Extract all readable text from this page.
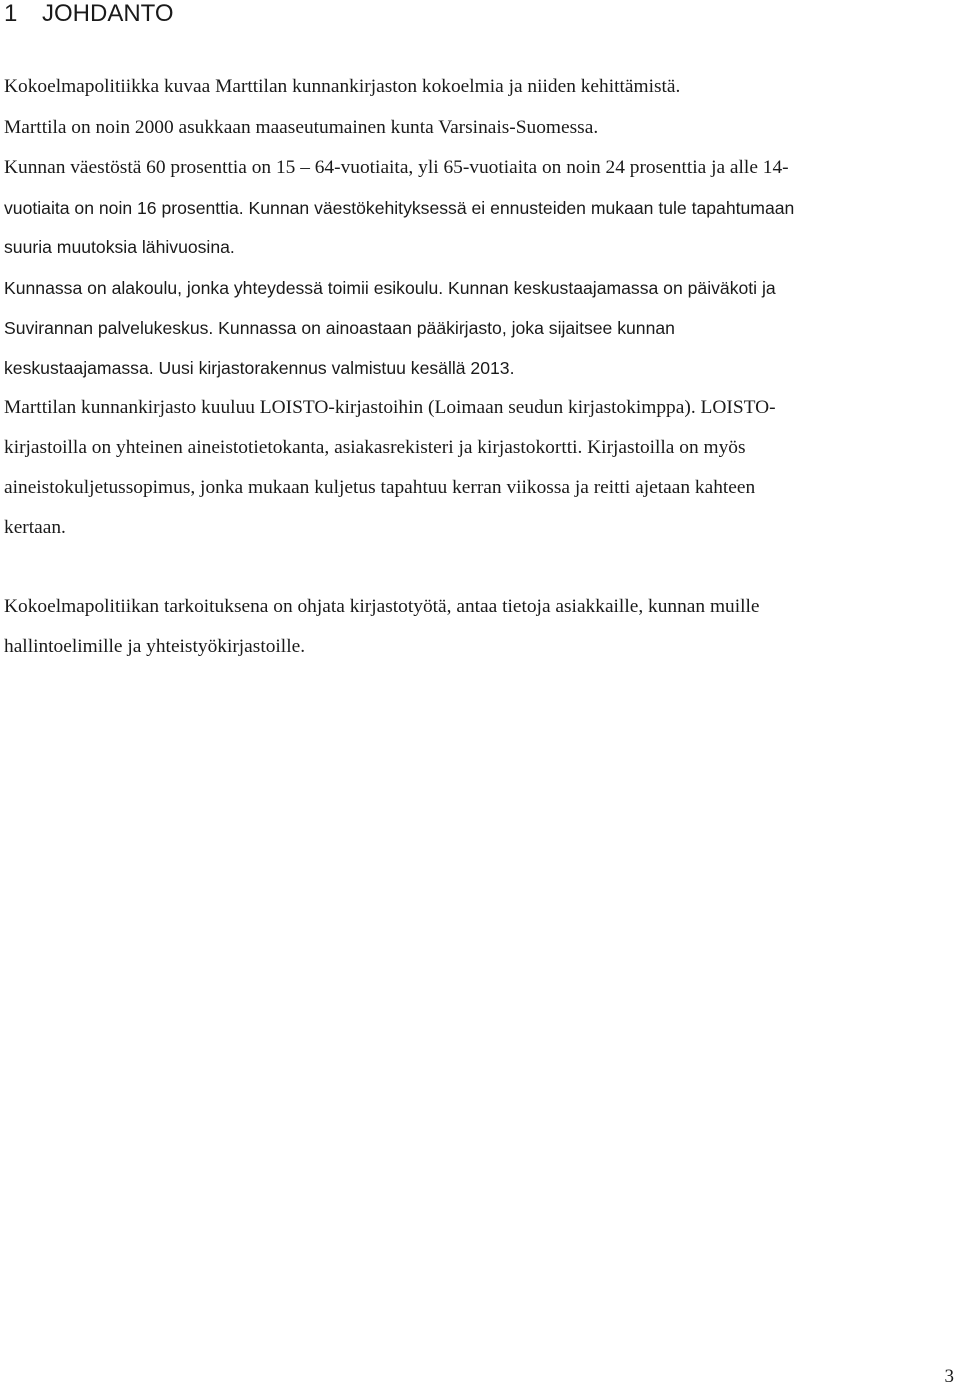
1 JOHDANTO

Kokoelmapolitiikka kuvaa Marttilan kunnankirjaston kokoelmia ja niiden kehittämistä.

Marttila on noin 2000 asukkaan maaseutumainen kunta Varsinais-Suomessa.

Kunnan väestöstä 60 prosenttia on 15 – 64-vuotiaita, yli 65-vuotiaita on noin 24 prosenttia ja alle 14-

vuotiaita on noin 16 prosenttia. Kunnan väestökehityksessä ei ennusteiden mukaan tule tapahtumaan

suuria muutoksia lähivuosina.

Kunnassa on alakoulu, jonka yhteydessä toimii esikoulu. Kunnan keskustaajamassa on päiväkoti ja

Suvirannan palvelukeskus. Kunnassa on ainoastaan pääkirjasto, joka sijaitsee kunnan

keskustaajamassa. Uusi kirjastorakennus valmistuu kesällä 2013.

Marttilan kunnankirjasto kuuluu LOISTO-kirjastoihin (Loimaan seudun kirjastokimppa). LOISTO-

kirjastoilla on yhteinen aineistotietokanta, asiakasrekisteri ja kirjastokortti. Kirjastoilla on myös

aineistokuljetussopimus, jonka mukaan kuljetus tapahtuu kerran viikossa ja reitti ajetaan kahteen

kertaan.

Kokoelmapolitiikan tarkoituksena on ohjata kirjastotyötä, antaa tietoja asiakkaille, kunnan muille

hallintoelimille ja yhteistyökirjastoille.

3
